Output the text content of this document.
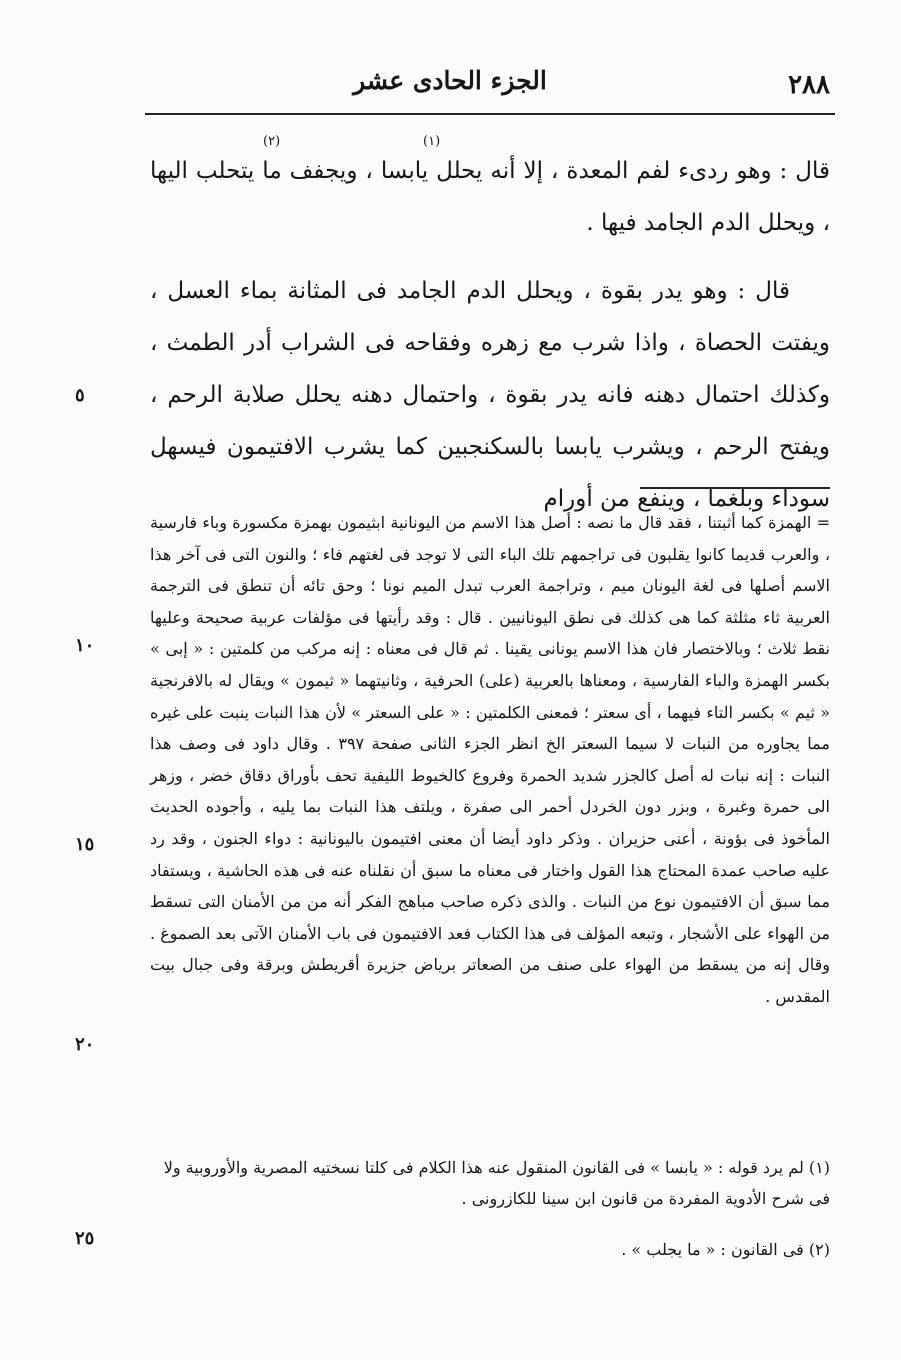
٢٨٨
الجزء الحادى عشر
(١)
(٢)
قال : وهو ردىء لفم المعدة ، إلا أنه يحلل يابسا ، ويجفف ما يتحلب اليها ، ويحلل الدم الجامد فيها .
قال : وهو يدر بقوة ، ويحلل الدم الجامد فى المثانة بماء العسل ، ويفتت الحصاة ، واذا شرب مع زهره وفقاحه فى الشراب أدر الطمث ، وكذلك احتمال دهنه فانه يدر بقوة ، واحتمال دهنه يحلل صلابة الرحم ، ويفتح الرحم ، ويشرب يابسا بالسكنجبين كما يشرب الافتيمون فيسهل سوداء وبلغما ، وينفع من أورام
= الهمزة كما أثبتنا ، فقد قال ما نصه : أصل هذا الاسم من اليونانية ابثيمون بهمزة مكسورة وباء فارسية ، والعرب قديما كانوا يقلبون فى تراجمهم تلك الباء التى لا توجد فى لغتهم فاء ؛ والنون التى فى آخر هذا الاسم أصلها فى لغة اليونان ميم ، وتراجمة العرب تبدل الميم نونا ؛ وحق تائه أن تنطق فى الترجمة العربية ثاء مثلثة كما هى كذلك فى نطق اليونانيين . قال : وقد رأيتها فى مؤلفات عربية صحيحة وعليها نقط ثلاث ؛ وبالاختصار فان هذا الاسم يونانى يقينا . ثم قال فى معناه : إنه مركب من كلمتين : « إبى » بكسر الهمزة والباء الفارسية ، ومعناها بالعربية (على) الحرفية ، وثانيتهما « ثيمون » ويقال له بالافرنجية « ثيم » بكسر التاء فيهما ، أى سعتر ؛ فمعنى الكلمتين : « على السعتر » لأن هذا النبات ينبت على غيره مما يجاوره من النبات لا سيما السعتر الخ انظر الجزء الثانى صفحة ٣٩٧ . وقال داود فى وصف هذا النبات : إنه نبات له أصل كالجزر شديد الحمرة وفروع كالخيوط الليفية تحف بأوراق دقاق خضر ، وزهر الى حمرة وغبرة ، وبزر دون الخردل أحمر الى صفرة ، ويلتف هذا النبات بما يليه ، وأجوده الحديث المأخوذ فى بؤونة ، أعنى حزيران . وذكر داود أيضا أن معنى افتيمون باليونانية : دواء الجنون ، وقد رد عليه صاحب عمدة المحتاج هذا القول واختار فى معناه ما سبق أن نقلناه عنه فى هذه الحاشية ، ويستفاد مما سبق أن الافتيمون نوع من النبات . والذى ذكره صاحب مباهج الفكر أنه من من الأمنان التى تسقط من الهواء على الأشجار ، وتبعه المؤلف فى هذا الكتاب فعد الافتيمون فى باب الأمنان الآتى بعد الصموغ . وقال إنه من يسقط من الهواء على صنف من الصعاتر برياض جزيرة أقريطش وبرقة وفى جبال بيت المقدس .
(١) لم يرد قوله : « يابسا » فى القانون المنقول عنه هذا الكلام فى كلتا نسختيه المصرية والأوروبية ولا فى شرح الأدوية المفردة من قانون ابن سينا للكازرونى .
(٢) فى القانون : « ما يجلب » .
٥
١٠
١٥
٢٠
٢٥
